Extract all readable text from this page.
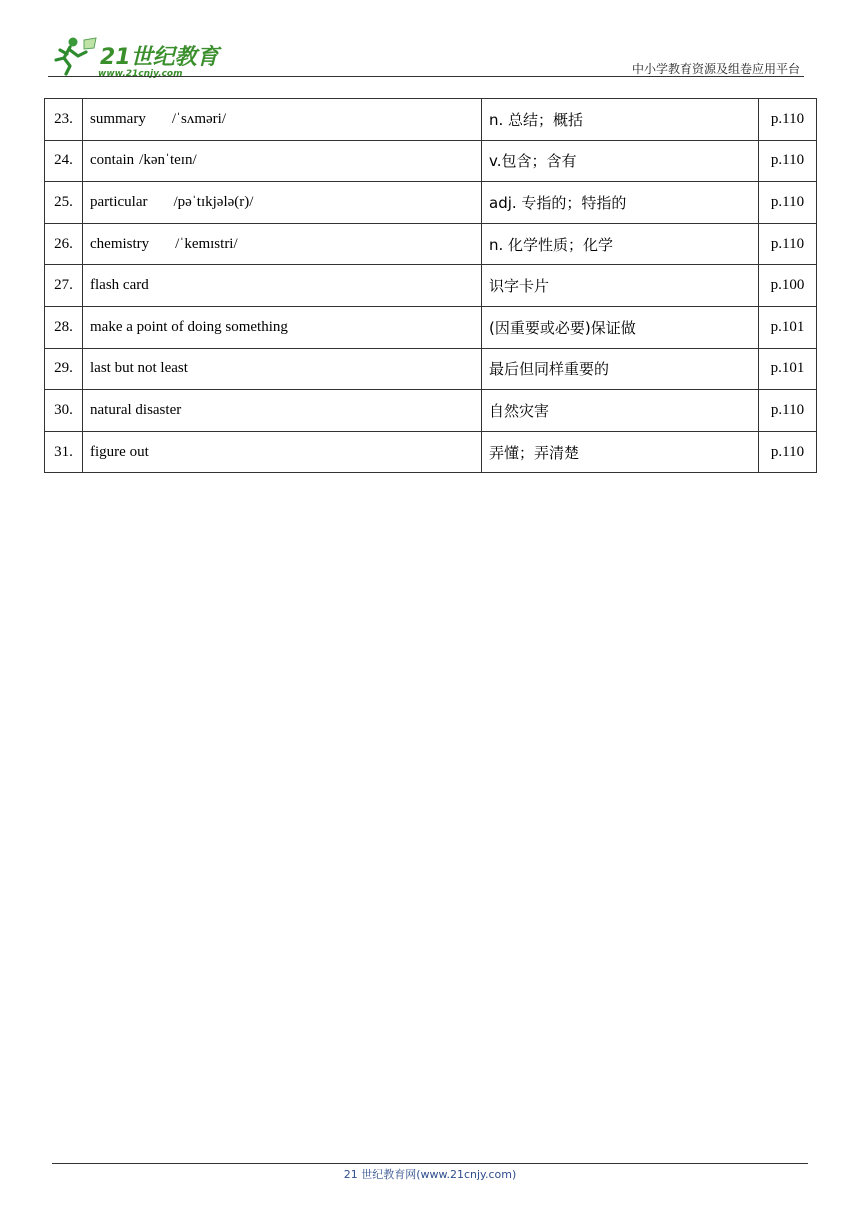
21世纪教育
www.21cnjy.com	中小学教育资源及组卷应用平台
23.	summary /ˈsʌməri/	n. 总结；概括	p.110
24.	contain /kənˈteɪn/	v.包含；含有	p.110
25.	particular /pəˈtɪkjələ(r)/	adj. 专指的；特指的	p.110
26.	chemistry /ˈkemɪstri/	n. 化学性质；化学	p.110
27.	flash card	识字卡片	p.100
28.	make a point of doing something	(因重要或必要)保证做	p.101
29.	last but not least	最后但同样重要的	p.101
30.	natural disaster	自然灾害	p.110
31.	figure out	弄懂；弄清楚	p.110
21 世纪教育网(www.21cnjy.com)
